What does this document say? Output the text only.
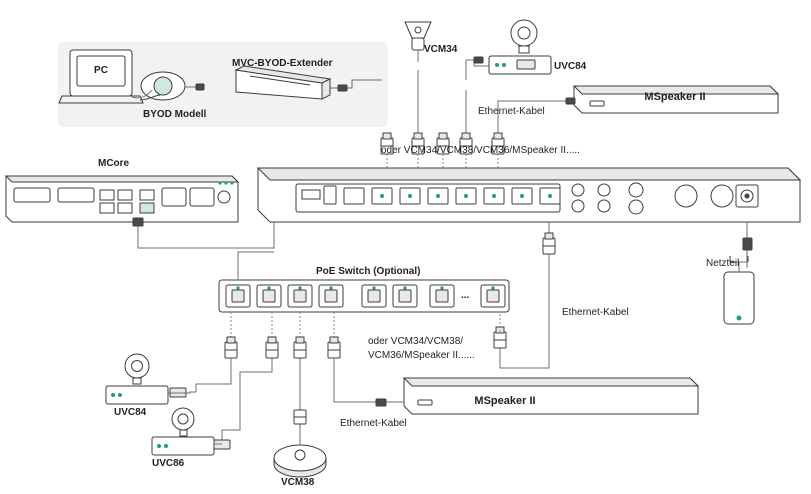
PC
MVC-BYOD-Extender
BYOD Modell
VCM34
UVC84
MSpeaker II
Ethernet-Kabel
MCore
oder VCM34/VCM38/VCM36/MSpeaker II.....
PoE Switch (Optional)
...
oder VCM34/VCM38/
VCM36/MSpeaker II......
Ethernet-Kabel
Netzteil
UVC84
UVC86
VCM38
MSpeaker II
Ethernet-Kabel
